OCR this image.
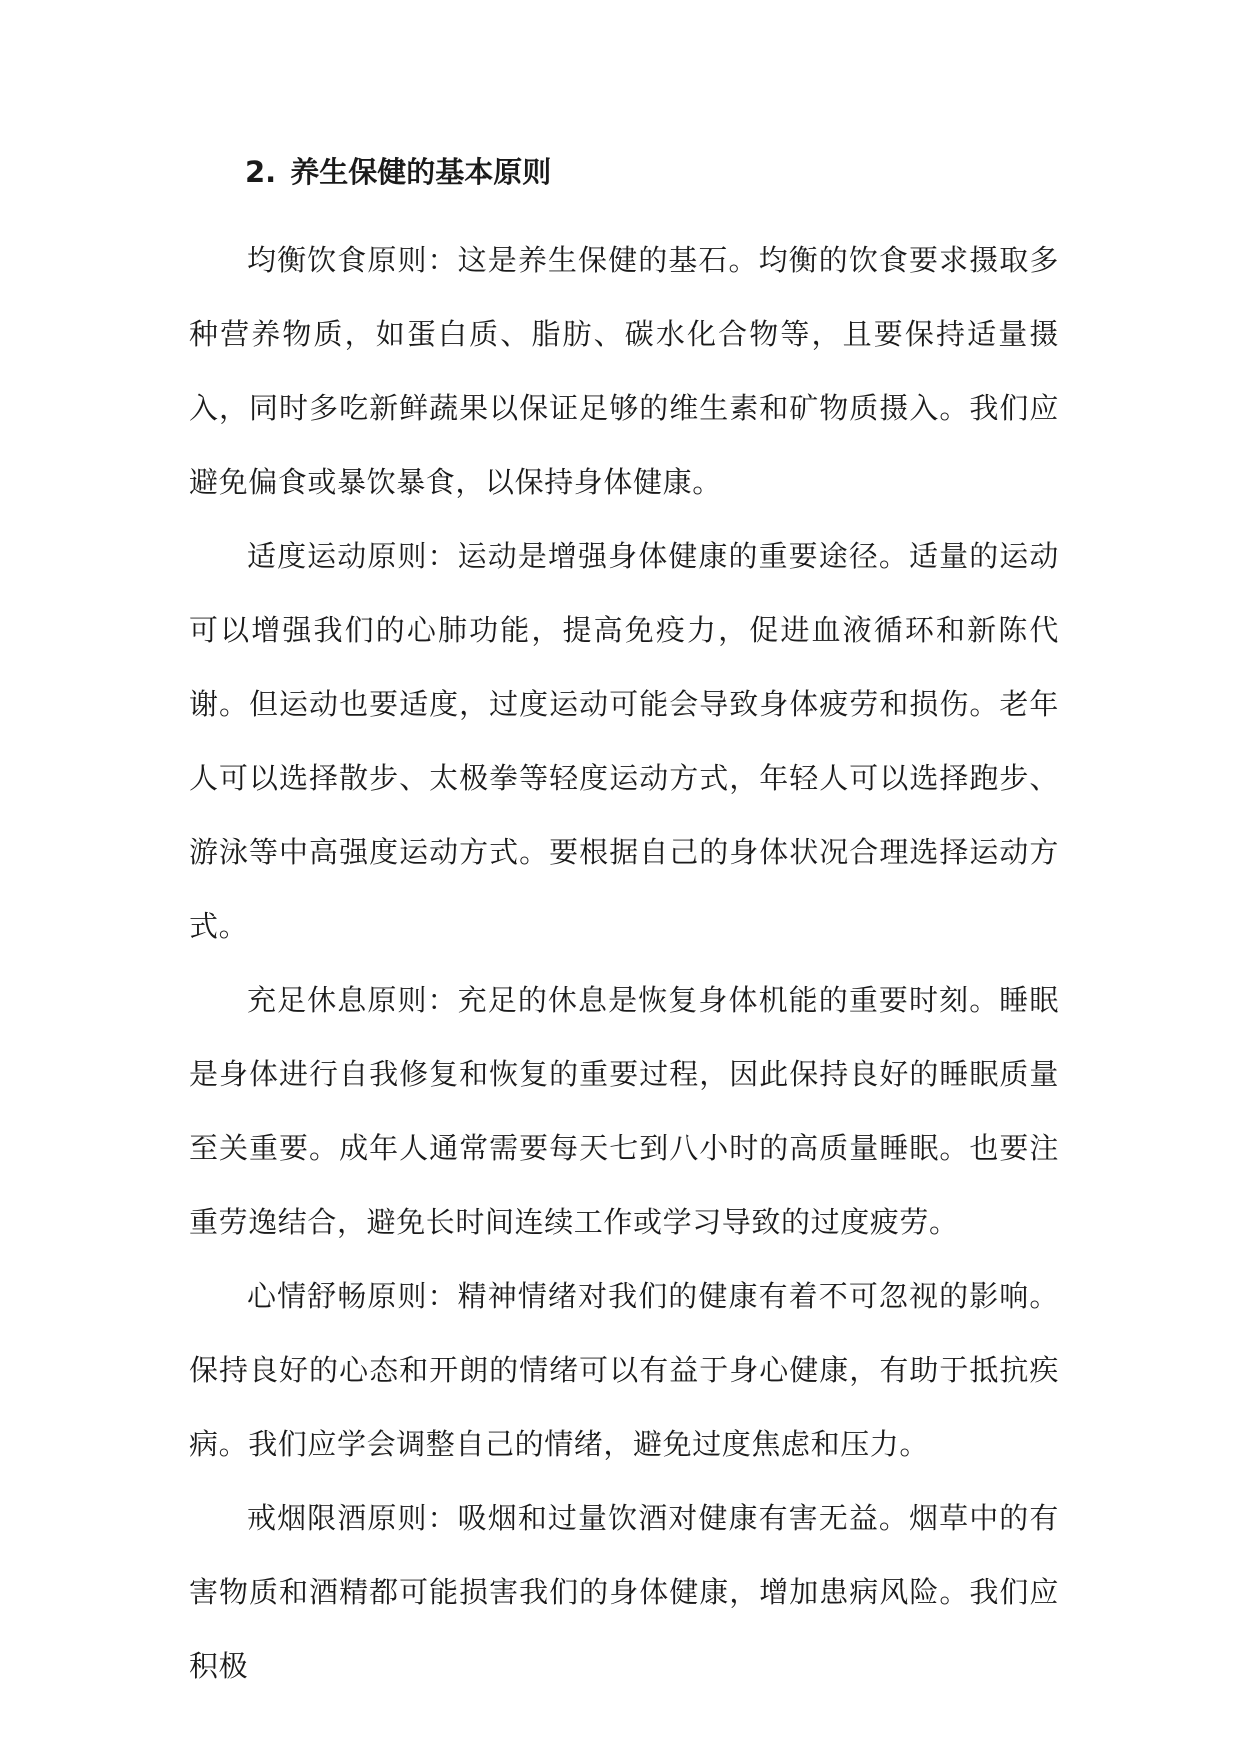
2. 养生保健的基本原则

均衡饮食原则：这是养生保健的基石。均衡的饮食要求摄取多种营养物质，如蛋白质、脂肪、碳水化合物等，且要保持适量摄入，同时多吃新鲜蔬果以保证足够的维生素和矿物质摄入。我们应避免偏食或暴饮暴食，以保持身体健康。

适度运动原则：运动是增强身体健康的重要途径。适量的运动可以增强我们的心肺功能，提高免疫力，促进血液循环和新陈代谢。但运动也要适度，过度运动可能会导致身体疲劳和损伤。老年人可以选择散步、太极拳等轻度运动方式，年轻人可以选择跑步、游泳等中高强度运动方式。要根据自己的身体状况合理选择运动方式。

充足休息原则：充足的休息是恢复身体机能的重要时刻。睡眠是身体进行自我修复和恢复的重要过程，因此保持良好的睡眠质量至关重要。成年人通常需要每天七到八小时的高质量睡眠。也要注重劳逸结合，避免长时间连续工作或学习导致的过度疲劳。

心情舒畅原则：精神情绪对我们的健康有着不可忽视的影响。保持良好的心态和开朗的情绪可以有益于身心健康，有助于抵抗疾病。我们应学会调整自己的情绪，避免过度焦虑和压力。

戒烟限酒原则：吸烟和过量饮酒对健康有害无益。烟草中的有害物质和酒精都可能损害我们的身体健康，增加患病风险。我们应积极
